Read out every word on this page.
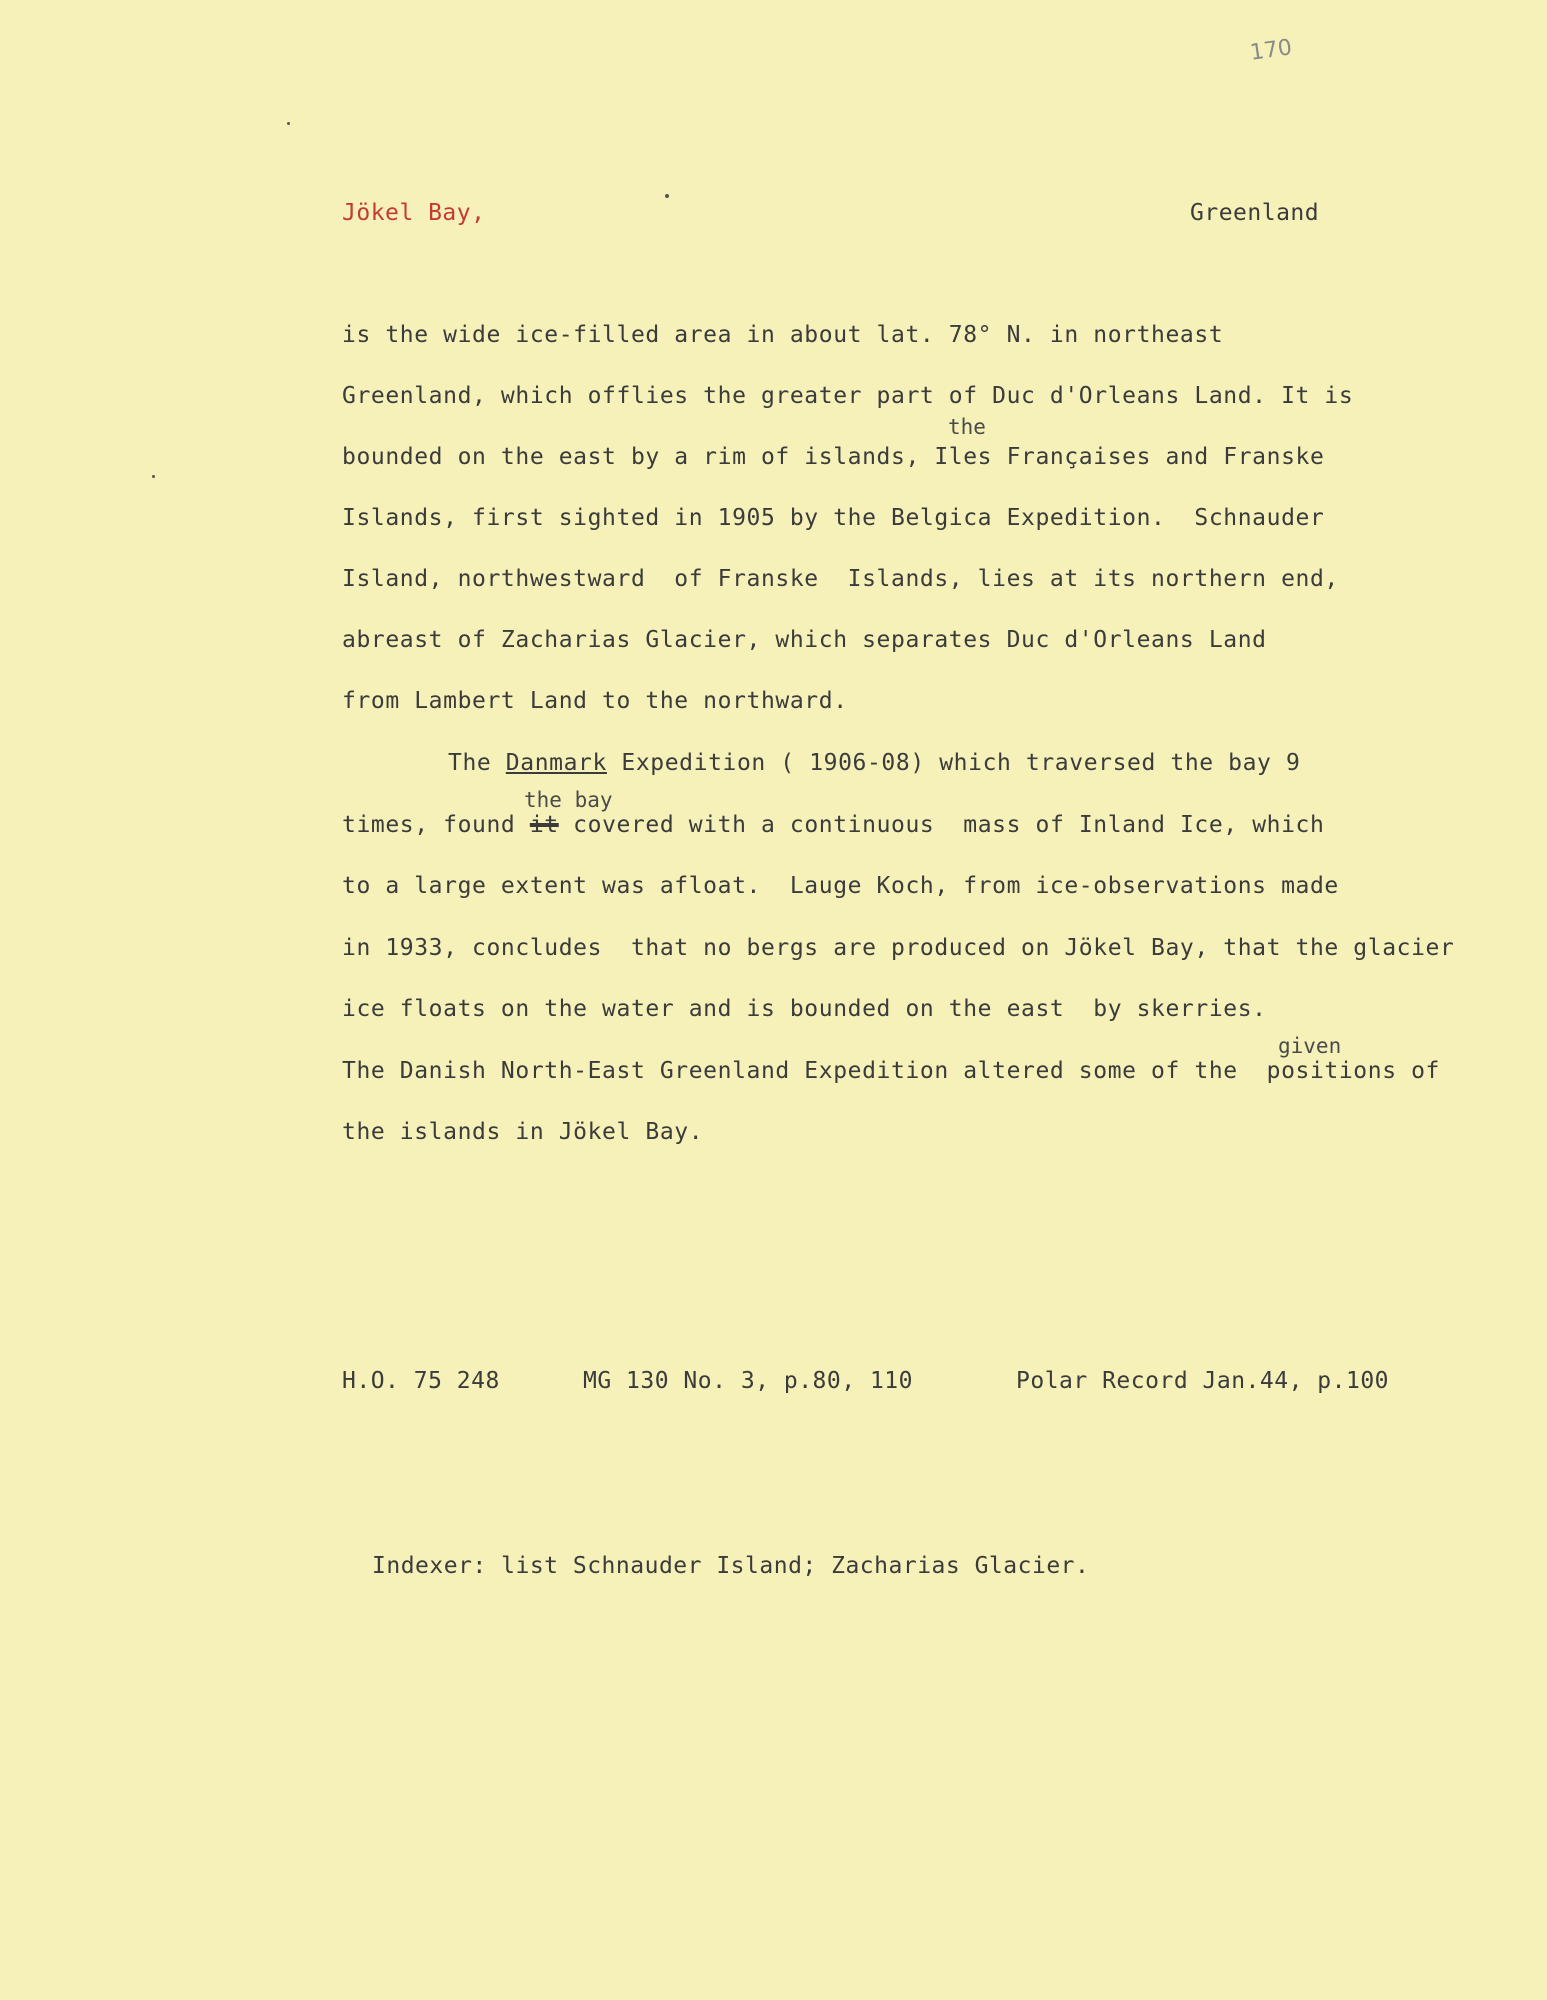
170
Jökel Bay,	Greenland
is the wide ice-filled area in about lat. 78° N. in northeast
Greenland, which offlies the greater part of Duc d'Orleans Land. It is
the
bounded on the east by a rim of islands, Iles Françaises and Franske
Islands, first sighted in 1905 by the Belgica Expedition.  Schnauder
Island, northwestward  of Franske  Islands, lies at its northern end,
abreast of Zacharias Glacier, which separates Duc d'Orleans Land
from Lambert Land to the northward.
The Danmark Expedition ( 1906-08) which traversed the bay 9
the bay
times, found it covered with a continuous  mass of Inland Ice, which
to a large extent was afloat.  Lauge Koch, from ice-observations made
in 1933, concludes  that no bergs are produced on Jökel Bay, that the glacier
ice floats on the water and is bounded on the east  by skerries.
given
The Danish North-East Greenland Expedition altered some of the  positions of
the islands in Jökel Bay.
H.O. 75 248	MG 130 No. 3, p.80, 110	Polar Record Jan.44, p.100
Indexer: list Schnauder Island; Zacharias Glacier.
